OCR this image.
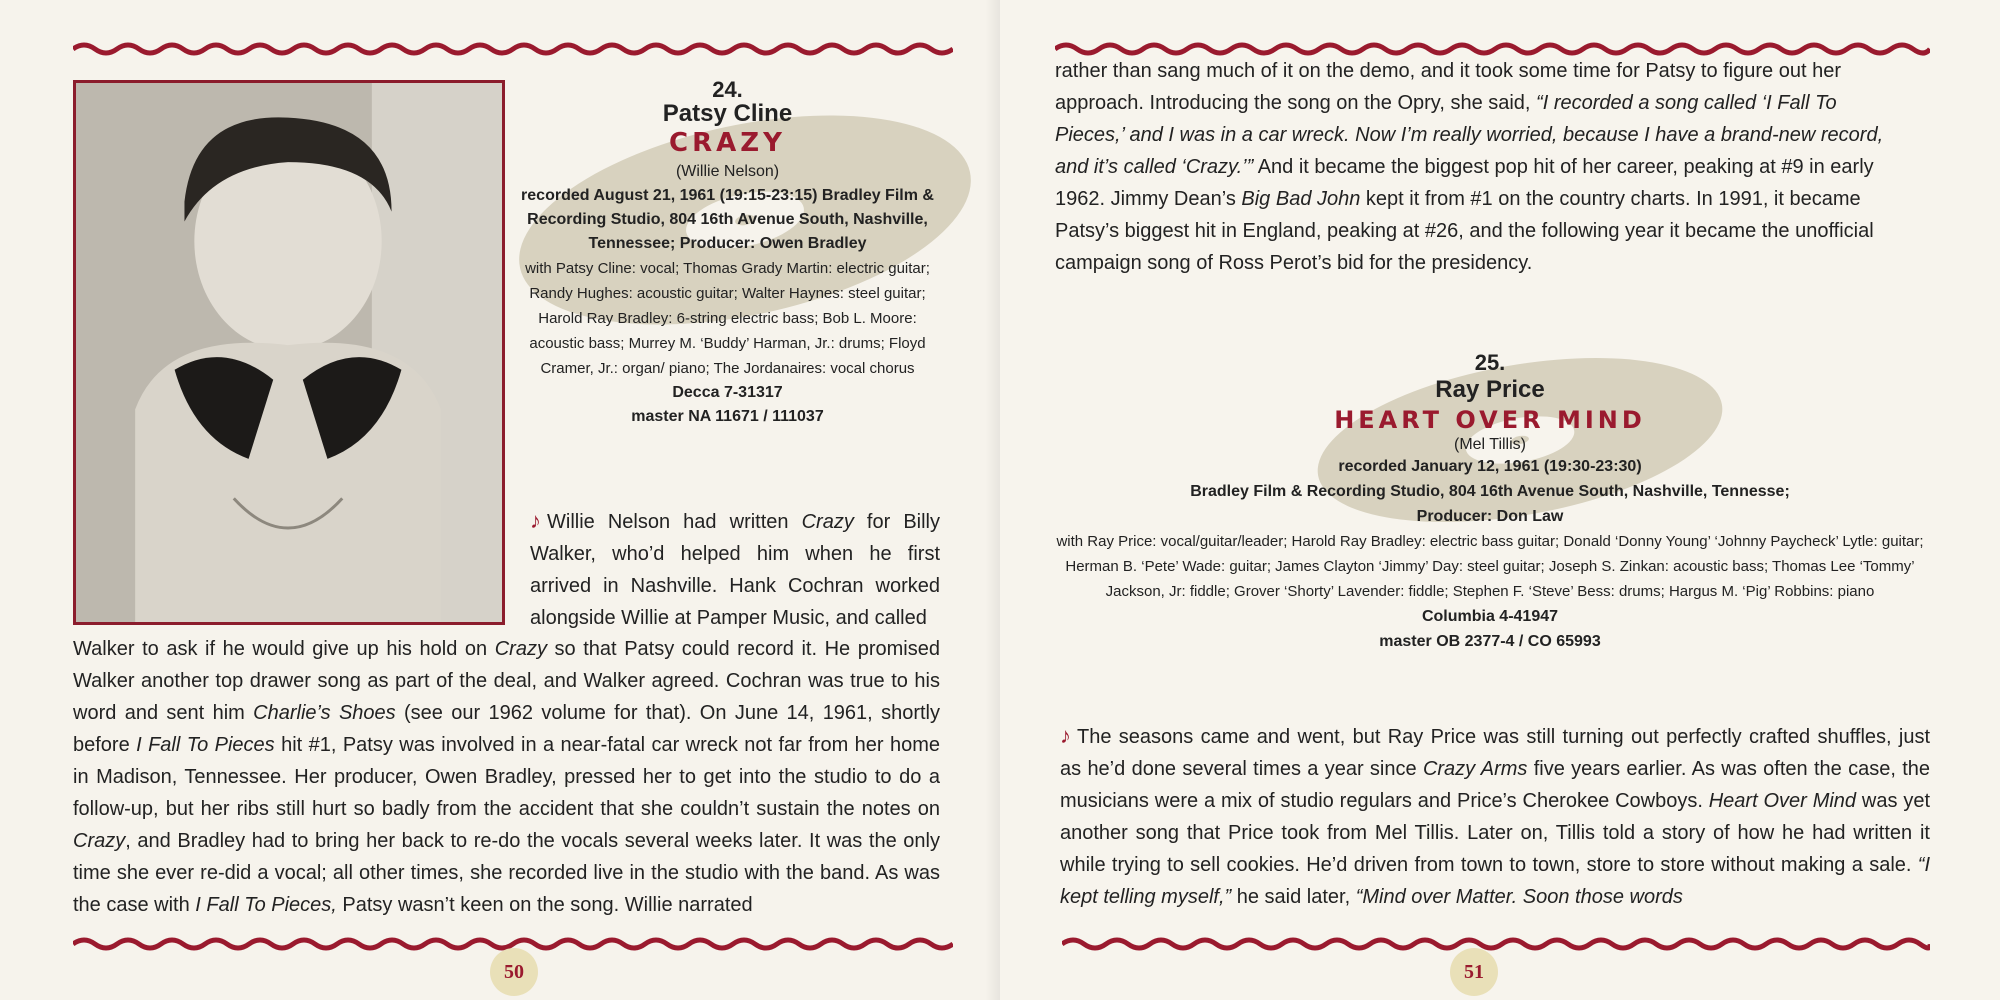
24.
Patsy Cline
CRAZY
(Willie Nelson)
recorded August 21, 1961 (19:15-23:15) Bradley Film & Recording Studio, 804 16th Avenue South, Nashville, Tennessee; Producer: Owen Bradley
with Patsy Cline: vocal; Thomas Grady Martin: electric guitar; Randy Hughes: acoustic guitar; Walter Haynes: steel guitar; Harold Ray Bradley: 6-string electric bass; Bob L. Moore: acoustic bass; Murrey M. ‘Buddy’ Harman, Jr.: drums; Floyd Cramer, Jr.: organ/ piano; The Jordanaires: vocal chorus
Decca 7-31317
master NA 11671 / 111037
♪ Willie Nelson had written Crazy for Billy Walker, who’d helped him when he first arrived in Nashville. Hank Cochran worked alongside Willie at Pamper Music, and called
Walker to ask if he would give up his hold on Crazy so that Patsy could record it. He promised Walker another top drawer song as part of the deal, and Walker agreed. Cochran was true to his word and sent him Charlie’s Shoes (see our 1962 volume for that). On June 14, 1961, shortly before I Fall To Pieces hit #1, Patsy was involved in a near-fatal car wreck not far from her home in Madison, Tennessee. Her producer, Owen Bradley, pressed her to get into the studio to do a follow-up, but her ribs still hurt so badly from the accident that she couldn’t sustain the notes on Crazy, and Bradley had to bring her back to re-do the vocals several weeks later. It was the only time she ever re-did a vocal; all other times, she recorded live in the studio with the band. As was the case with I Fall To Pieces, Patsy wasn’t keen on the song. Willie narrated
50
rather than sang much of it on the demo, and it took some time for Patsy to figure out her approach. Introducing the song on the Opry, she said, “I recorded a song called ‘I Fall To Pieces,’ and I was in a car wreck. Now I’m really worried, because I have a brand-new record, and it’s called ‘Crazy.’” And it became the biggest pop hit of her career, peaking at #9 in early 1962. Jimmy Dean’s Big Bad John kept it from #1 on the country charts. In 1991, it became Patsy’s biggest hit in England, peaking at #26, and the following year it became the unofficial campaign song of Ross Perot’s bid for the presidency.
25.
Ray Price
HEART OVER MIND
(Mel Tillis)
recorded January 12, 1961 (19:30-23:30)
Bradley Film & Recording Studio, 804 16th Avenue South, Nashville, Tennesse;
Producer: Don Law
with Ray Price: vocal/guitar/leader; Harold Ray Bradley: electric bass guitar; Donald ‘Donny Young’ ‘Johnny Paycheck’ Lytle: guitar; Herman B. ‘Pete’ Wade: guitar; James Clayton ‘Jimmy’ Day: steel guitar; Joseph S. Zinkan: acoustic bass; Thomas Lee ‘Tommy’ Jackson, Jr: fiddle; Grover ‘Shorty’ Lavender: fiddle; Stephen F. ‘Steve’ Bess: drums; Hargus M. ‘Pig’ Robbins: piano
Columbia 4-41947
master OB 2377-4 / CO 65993
♪ The seasons came and went, but Ray Price was still turning out perfectly crafted shuffles, just as he’d done several times a year since Crazy Arms five years earlier. As was often the case, the musicians were a mix of studio regulars and Price’s Cherokee Cowboys. Heart Over Mind was yet another song that Price took from Mel Tillis. Later on, Tillis told a story of how he had written it while trying to sell cookies. He’d driven from town to town, store to store without making a sale. “I kept telling myself,” he said later, “Mind over Matter. Soon those words
51
